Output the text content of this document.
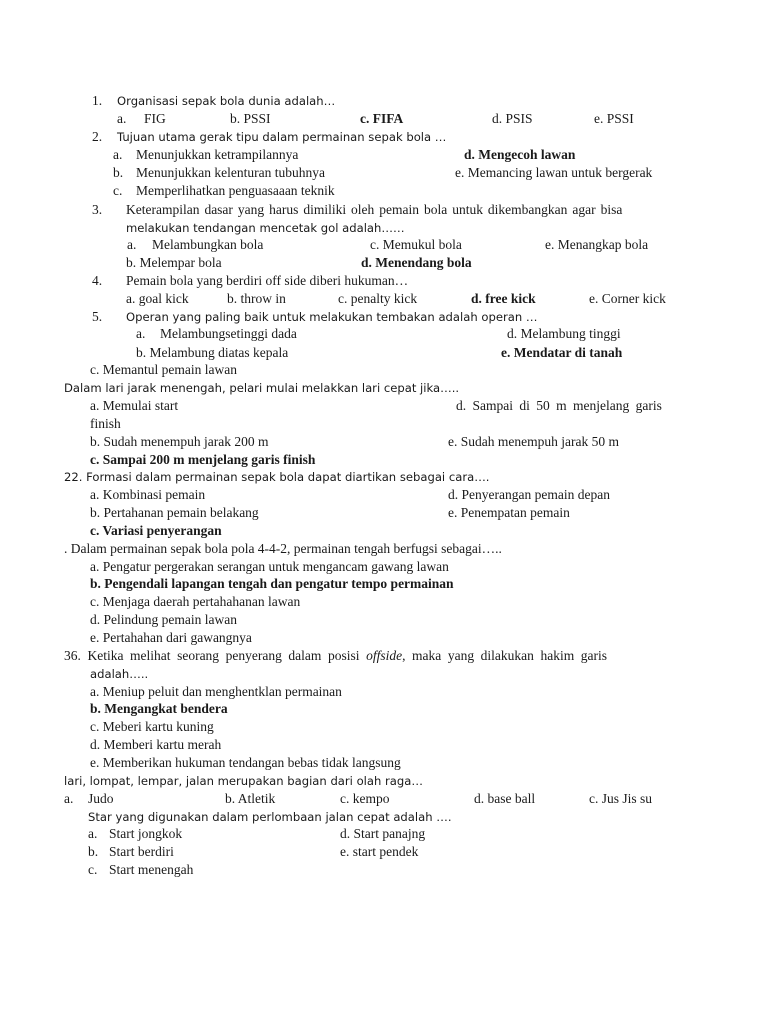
1. Organisasi sepak bola dunia adalah…
a. FIG	b. PSSI	c. FIFA	d. PSIS	e. PSSI
2. Tujuan utama gerak tipu dalam permainan sepak bola …
a. Menunjukkan ketrampilannya	d. Mengecoh lawan
b. Menunjukkan kelenturan tubuhnya	e. Memancing lawan untuk bergerak
c. Memperlihatkan penguasaaan teknik
3. Keterampilan dasar yang harus dimiliki oleh pemain bola untuk dikembangkan agar bisa
melakukan tendangan mencetak gol adalah……
a. Melambungkan bola	c. Memukul bola	e. Menangkap bola
b. Melempar bola	d. Menendang bola
4. Pemain bola yang berdiri off side diberi hukuman…
a. goal kick	b. throw in	c. penalty kick	d. free kick	e. Corner kick
5. Operan yang paling baik untuk melakukan tembakan adalah operan …
a. Melambungsetinggi dada	d. Melambung tinggi
b. Melambung diatas kepala	e. Mendatar di tanah
c. Memantul pemain lawan
Dalam lari jarak menengah, pelari mulai melakkan lari cepat jika…..
a. Memulai start	d. Sampai di 50 m menjelang garis
finish
b. Sudah menempuh jarak 200 m	e. Sudah menempuh jarak 50 m
c. Sampai 200 m menjelang garis finish
22. Formasi dalam permainan sepak bola dapat diartikan sebagai cara….
a. Kombinasi pemain	d. Penyerangan pemain depan
b. Pertahanan pemain belakang	e. Penempatan pemain
c. Variasi penyerangan
. Dalam permainan sepak bola pola 4-4-2, permainan tengah berfugsi sebagai…..
a. Pengatur pergerakan serangan untuk mengancam gawang lawan
b. Pengendali lapangan tengah dan pengatur tempo permainan
c. Menjaga daerah pertahahanan lawan
d. Pelindung pemain lawan
e. Pertahahan dari gawangnya
36. Ketika melihat seorang penyerang dalam posisi offside, maka yang dilakukan hakim garis
adalah…..
a. Meniup peluit dan menghentklan permainan
b. Mengangkat bendera
c. Meberi kartu kuning
d. Memberi kartu merah
e. Memberikan hukuman tendangan bebas tidak langsung
lari, lompat, lempar, jalan merupakan bagian dari olah raga…
a. Judo	b. Atletik	c. kempo	d. base ball	c. Jus Jis su
Star yang digunakan dalam perlombaan jalan cepat adalah ….
a. Start jongkok	d. Start panajng
b. Start berdiri	e. start pendek
c. Start menengah
